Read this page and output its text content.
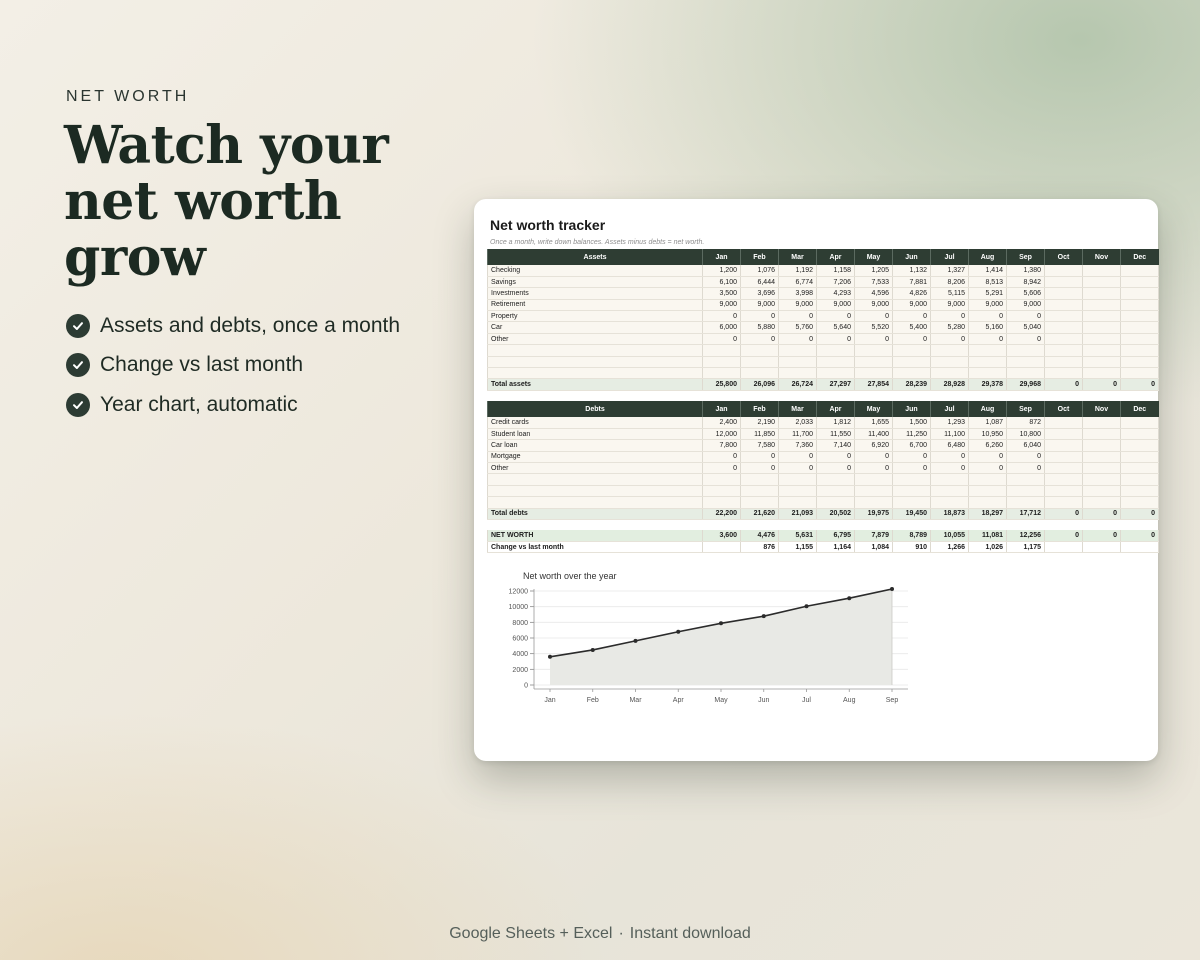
NET WORTH
Watch your net worth grow
Assets and debts, once a month
Change vs last month
Year chart, automatic
Google Sheets + Excel · Instant download
Net worth tracker
Once a month, write down balances. Assets minus debts = net worth.
Assets	Jan	Feb	Mar	Apr	May	Jun	Jul	Aug	Sep	Oct	Nov	Dec
Checking	1,200	1,076	1,192	1,158	1,205	1,132	1,327	1,414	1,380			
Savings	6,100	6,444	6,774	7,206	7,533	7,881	8,206	8,513	8,942			
Investments	3,500	3,696	3,998	4,293	4,596	4,826	5,115	5,291	5,606			
Retirement	9,000	9,000	9,000	9,000	9,000	9,000	9,000	9,000	9,000			
Property	0	0	0	0	0	0	0	0	0			
Car	6,000	5,880	5,760	5,640	5,520	5,400	5,280	5,160	5,040			
Other	0	0	0	0	0	0	0	0	0			

Total assets	25,800	26,096	26,724	27,297	27,854	28,239	28,928	29,378	29,968	0	0	0
Debts	Jan	Feb	Mar	Apr	May	Jun	Jul	Aug	Sep	Oct	Nov	Dec
Credit cards	2,400	2,190	2,033	1,812	1,655	1,500	1,293	1,087	872			
Student loan	12,000	11,850	11,700	11,550	11,400	11,250	11,100	10,950	10,800			
Car loan	7,800	7,580	7,360	7,140	6,920	6,700	6,480	6,260	6,040			
Mortgage	0	0	0	0	0	0	0	0	0			
Other	0	0	0	0	0	0	0	0	0			

Total debts	22,200	21,620	21,093	20,502	19,975	19,450	18,873	18,297	17,712	0	0	0
NET WORTH	3,600	4,476	5,631	6,795	7,879	8,789	10,055	11,081	12,256	0	0	0
Change vs last month		876	1,155	1,164	1,084	910	1,266	1,026	1,175			
Net worth over the year
0
2000
4000
6000
8000
10000
12000
Jan	Feb	Mar	Apr	May	Jun	Jul	Aug	Sep
